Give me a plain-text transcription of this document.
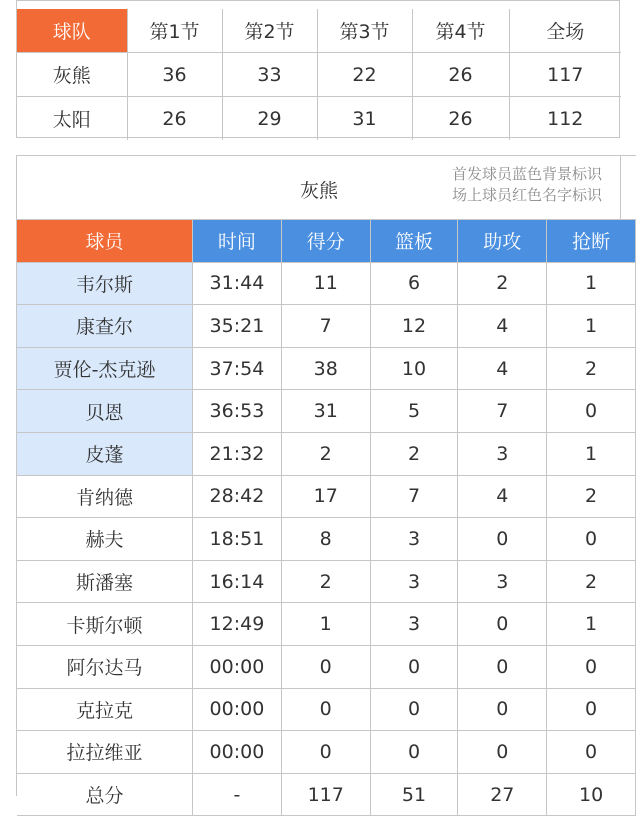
球队	第1节	第2节	第3节	第4节	全场
灰熊	36	33	22	26	117
太阳	26	29	31	26	112
灰熊
首发球员蓝色背景标识
场上球员红色名字标识
球员	时间	得分	篮板	助攻	抢断
韦尔斯	31:44	11	6	2	1
康查尔	35:21	7	12	4	1
贾伦-杰克逊	37:54	38	10	4	2
贝恩	36:53	31	5	7	0
皮蓬	21:32	2	2	3	1
肯纳德	28:42	17	7	4	2
赫夫	18:51	8	3	0	0
斯潘塞	16:14	2	3	3	2
卡斯尔顿	12:49	1	3	0	1
阿尔达马	00:00	0	0	0	0
克拉克	00:00	0	0	0	0
拉拉维亚	00:00	0	0	0	0
总分	-	117	51	27	10
